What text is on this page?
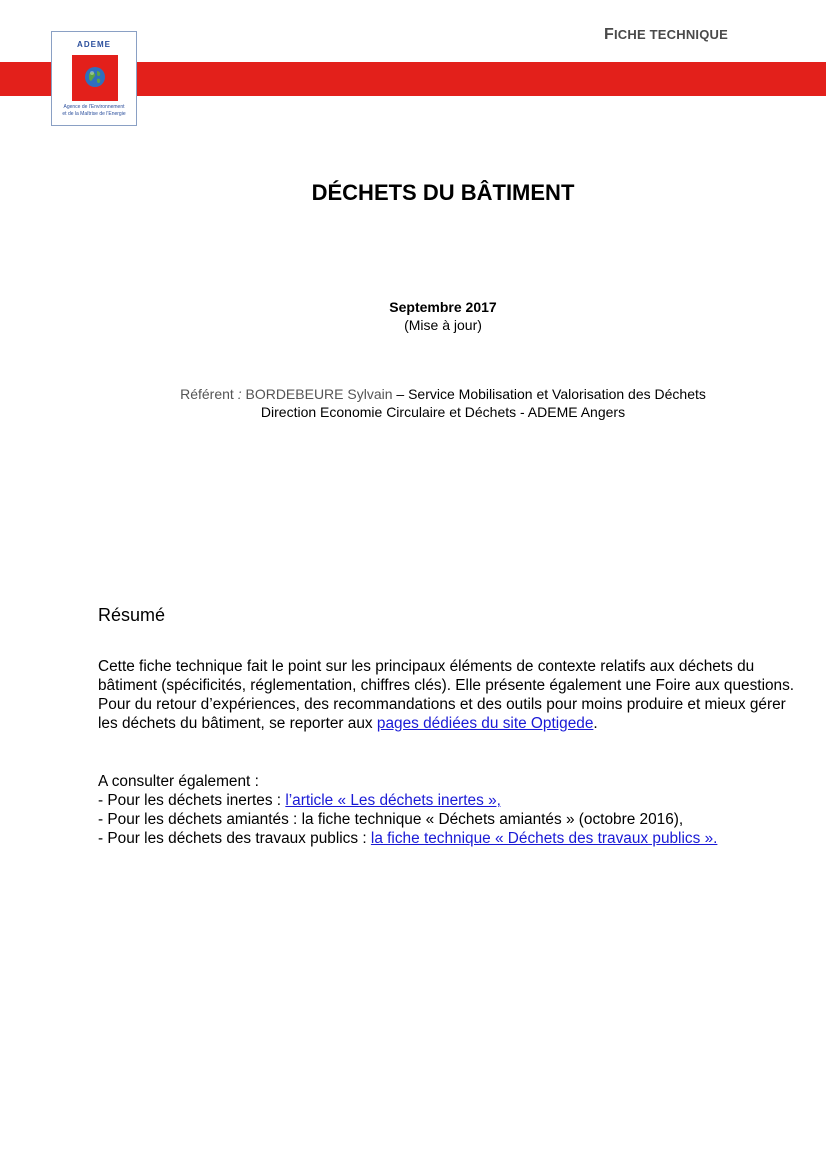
FICHE TECHNIQUE
ADEME
Agence de l'Environnement
et de la Maîtrise de l'Energie
DÉCHETS DU BÂTIMENT
Septembre 2017
(Mise à jour)
Référent : BORDEBEURE Sylvain – Service Mobilisation et Valorisation des Déchets
Direction Economie Circulaire et Déchets - ADEME Angers
Résumé
Cette fiche technique fait le point sur les principaux éléments de contexte relatifs aux déchets du bâtiment (spécificités, réglementation, chiffres clés). Elle présente également une Foire aux questions.
Pour du retour d’expériences, des recommandations et des outils pour moins produire et mieux gérer les déchets du bâtiment, se reporter aux pages dédiées du site Optigede.
A consulter également :
- Pour les déchets inertes : l’article « Les déchets inertes »,
- Pour les déchets amiantés : la fiche technique « Déchets amiantés » (octobre 2016),
- Pour les déchets des travaux publics : la fiche technique « Déchets des travaux publics ».
